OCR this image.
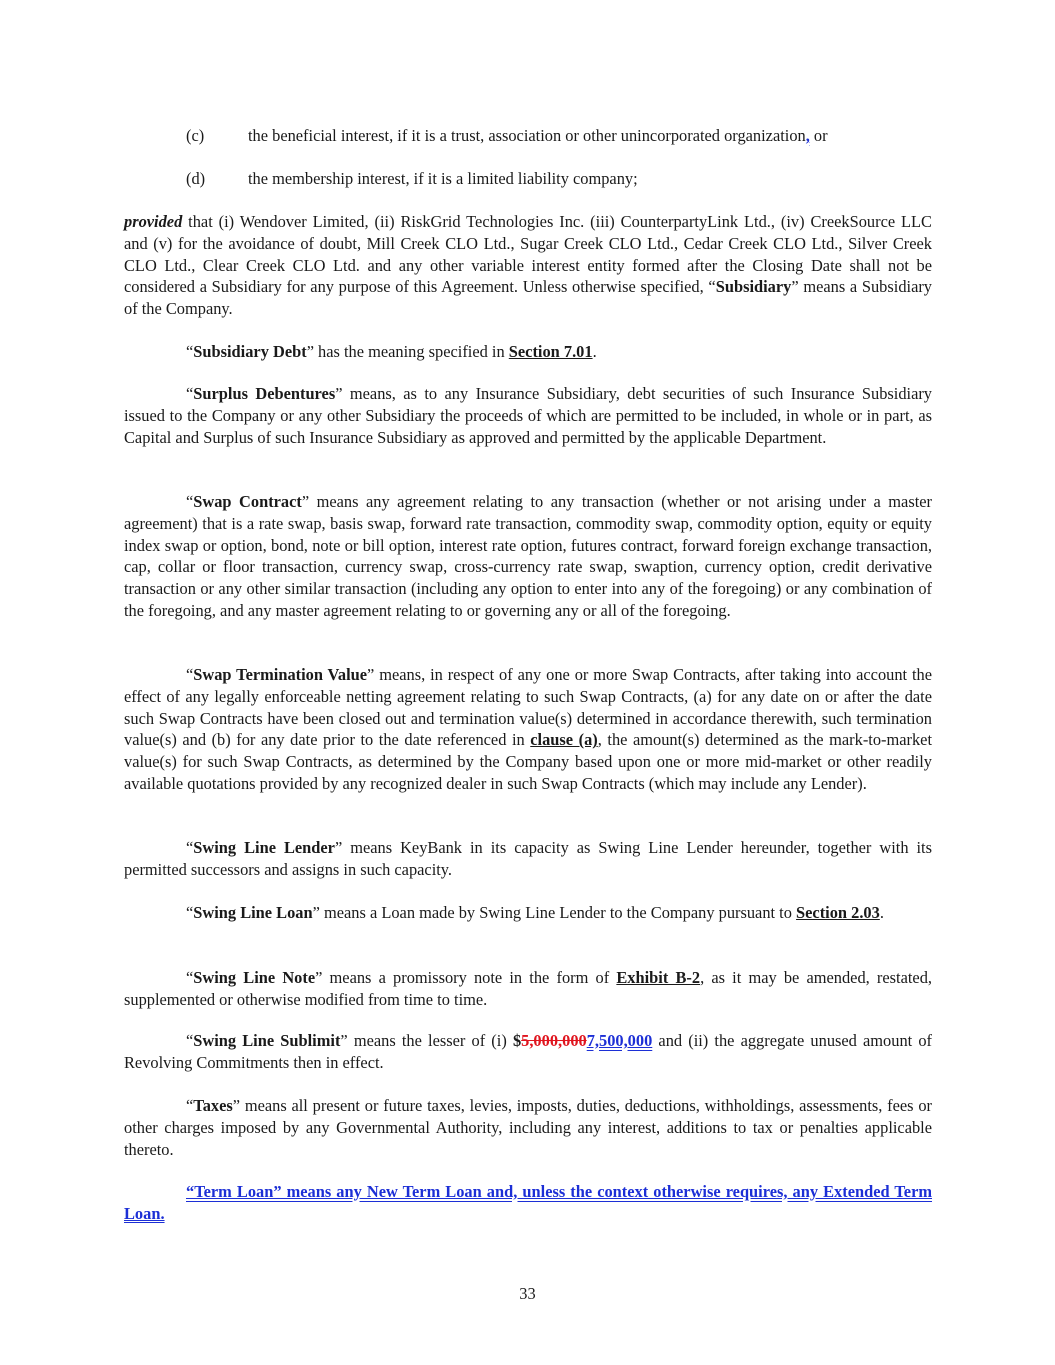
(c)	the beneficial interest, if it is a trust, association or other unincorporated organization, or

(d)	the membership interest, if it is a limited liability company;

provided that (i) Wendover Limited, (ii) RiskGrid Technologies Inc. (iii) CounterpartyLink Ltd., (iv) CreekSource LLC and (v) for the avoidance of doubt, Mill Creek CLO Ltd., Sugar Creek CLO Ltd., Cedar Creek CLO Ltd., Silver Creek CLO Ltd., Clear Creek CLO Ltd. and any other variable interest entity formed after the Closing Date shall not be considered a Subsidiary for any purpose of this Agreement. Unless otherwise specified, “Subsidiary” means a Subsidiary of the Company.

“Subsidiary Debt” has the meaning specified in Section 7.01.

“Surplus Debentures” means, as to any Insurance Subsidiary, debt securities of such Insurance Subsidiary issued to the Company or any other Subsidiary the proceeds of which are permitted to be included, in whole or in part, as Capital and Surplus of such Insurance Subsidiary as approved and permitted by the applicable Department.

“Swap Contract” means any agreement relating to any transaction (whether or not arising under a master agreement) that is a rate swap, basis swap, forward rate transaction, commodity swap, commodity option, equity or equity index swap or option, bond, note or bill option, interest rate option, futures contract, forward foreign exchange transaction, cap, collar or floor transaction, currency swap, cross-currency rate swap, swaption, currency option, credit derivative transaction or any other similar transaction (including any option to enter into any of the foregoing) or any combination of the foregoing, and any master agreement relating to or governing any or all of the foregoing.

“Swap Termination Value” means, in respect of any one or more Swap Contracts, after taking into account the effect of any legally enforceable netting agreement relating to such Swap Contracts, (a) for any date on or after the date such Swap Contracts have been closed out and termination value(s) determined in accordance therewith, such termination value(s) and (b) for any date prior to the date referenced in clause (a), the amount(s) determined as the mark-to-market value(s) for such Swap Contracts, as determined by the Company based upon one or more mid-market or other readily available quotations provided by any recognized dealer in such Swap Contracts (which may include any Lender).

“Swing Line Lender” means KeyBank in its capacity as Swing Line Lender hereunder, together with its permitted successors and assigns in such capacity.

“Swing Line Loan” means a Loan made by Swing Line Lender to the Company pursuant to Section 2.03.

“Swing Line Note” means a promissory note in the form of Exhibit B-2, as it may be amended, restated, supplemented or otherwise modified from time to time.

“Swing Line Sublimit” means the lesser of (i) $5,000,0007,500,000 and (ii) the aggregate unused amount of Revolving Commitments then in effect.

“Taxes” means all present or future taxes, levies, imposts, duties, deductions, withholdings, assessments, fees or other charges imposed by any Governmental Authority, including any interest, additions to tax or penalties applicable thereto.

“Term Loan” means any New Term Loan and, unless the context otherwise requires, any Extended Term Loan.

33
